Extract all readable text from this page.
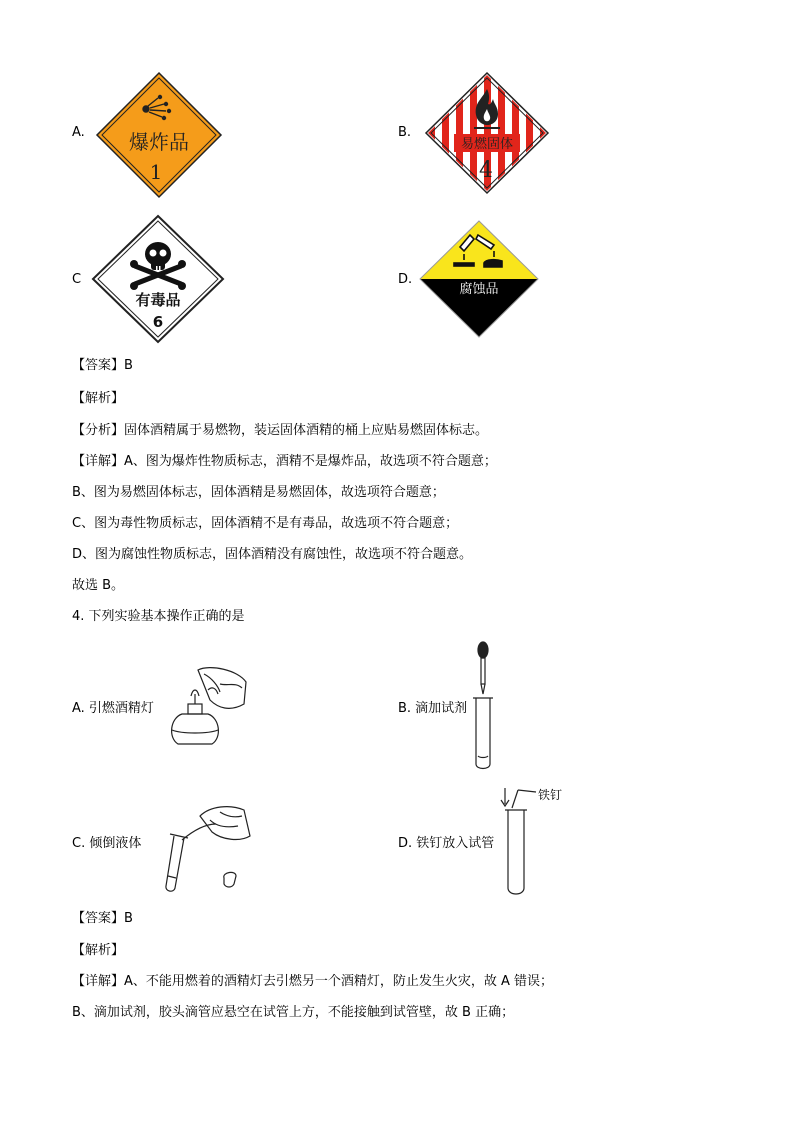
A. 爆炸品
1
B.
易燃固体
4
C
有毒品
6
D.
腐蚀品
【答案】B
【解析】
【分析】固体酒精属于易燃物，装运固体酒精的桶上应贴易燃固体标志。
【详解】A、图为爆炸性物质标志，酒精不是爆炸品，故选项不符合题意；
B、图为易燃固体标志，固体酒精是易燃固体，故选项符合题意；
C、图为毒性物质标志，固体酒精不是有毒品，故选项不符合题意；
D、图为腐蚀性物质标志，固体酒精没有腐蚀性，故选项不符合题意。
故选 B。
4. 下列实验基本操作正确的是
A. 引燃酒精灯	B. 滴加试剂
C. 倾倒液体	D. 铁钉放入试管
铁钉
【答案】B
【解析】
【详解】A、不能用燃着的酒精灯去引燃另一个酒精灯，防止发生火灾，故 A 错误；
B、滴加试剂，胶头滴管应悬空在试管上方，不能接触到试管壁，故 B 正确；
